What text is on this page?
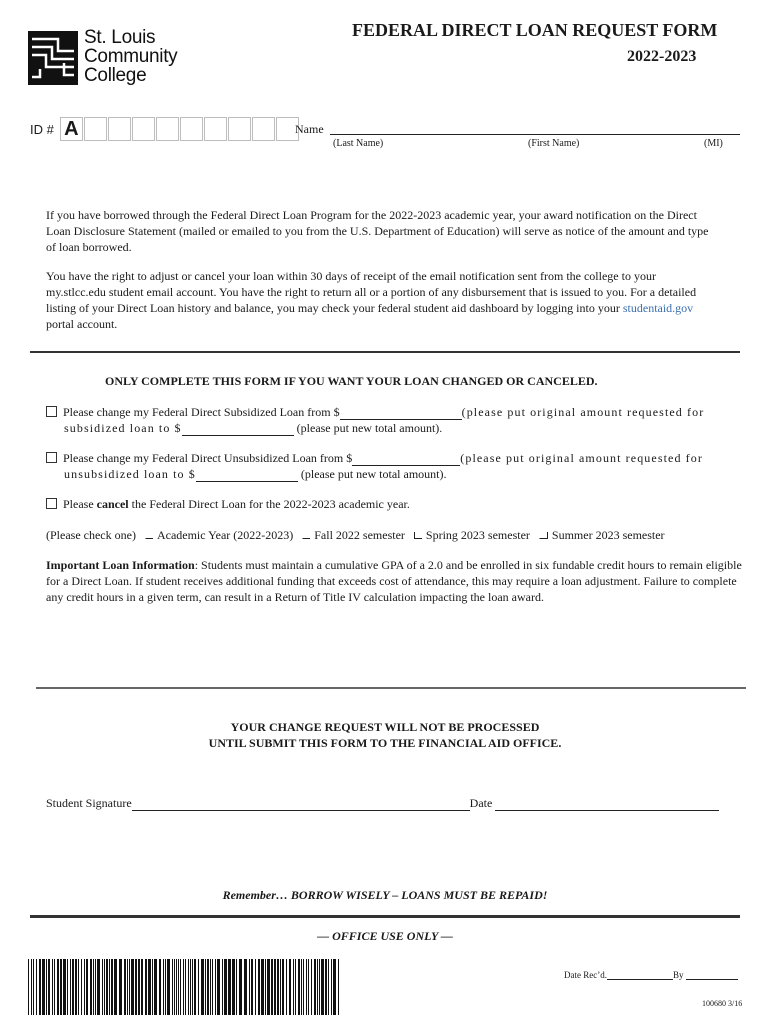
St. Louis
Community
College
FEDERAL DIRECT LOAN REQUEST FORM
2022-2023
ID # A	Name
(Last Name)	(First Name)	(MI)
If you have borrowed through the Federal Direct Loan Program for the 2022-2023 academic year, your award notification on the Direct Loan Disclosure Statement (mailed or emailed to you from the U.S. Department of Education) will serve as notice of the amount and type of loan borrowed.
You have the right to adjust or cancel your loan within 30 days of receipt of the email notification sent from the college to your my.stlcc.edu student email account. You have the right to return all or a portion of any disbursement that is issued to you. For a detailed listing of your Direct Loan history and balance, you may check your federal student aid dashboard by logging into your studentaid.gov portal account.
ONLY COMPLETE THIS FORM IF YOU WANT YOUR LOAN CHANGED OR CANCELED.
Please change my Federal Direct Subsidized Loan from $	(please put original amount requested for
subsidized loan to $	(please put new total amount).
Please change my Federal Direct Unsubsidized Loan from $	(please put original amount requested for
unsubsidized loan to $	(please put new total amount).
Please cancel the Federal Direct Loan for the 2022-2023 academic year.
(Please check one) Academic Year (2022-2023) Fall 2022 semester Spring 2023 semester Summer 2023 semester
Important Loan Information: Students must maintain a cumulative GPA of a 2.0 and be enrolled in six fundable credit hours to remain eligible for a Direct Loan. If student receives additional funding that exceeds cost of attendance, this may require a loan adjustment. Failure to complete any credit hours in a given term, can result in a Return of Title IV calculation impacting the loan award.
YOUR CHANGE REQUEST WILL NOT BE PROCESSED
UNTIL SUBMIT THIS FORM TO THE FINANCIAL AID OFFICE.
Student Signature	Date
Remember… BORROW WISELY – LOANS MUST BE REPAID!
— OFFICE USE ONLY —
Date Rec’d.	By
100680 3/16
